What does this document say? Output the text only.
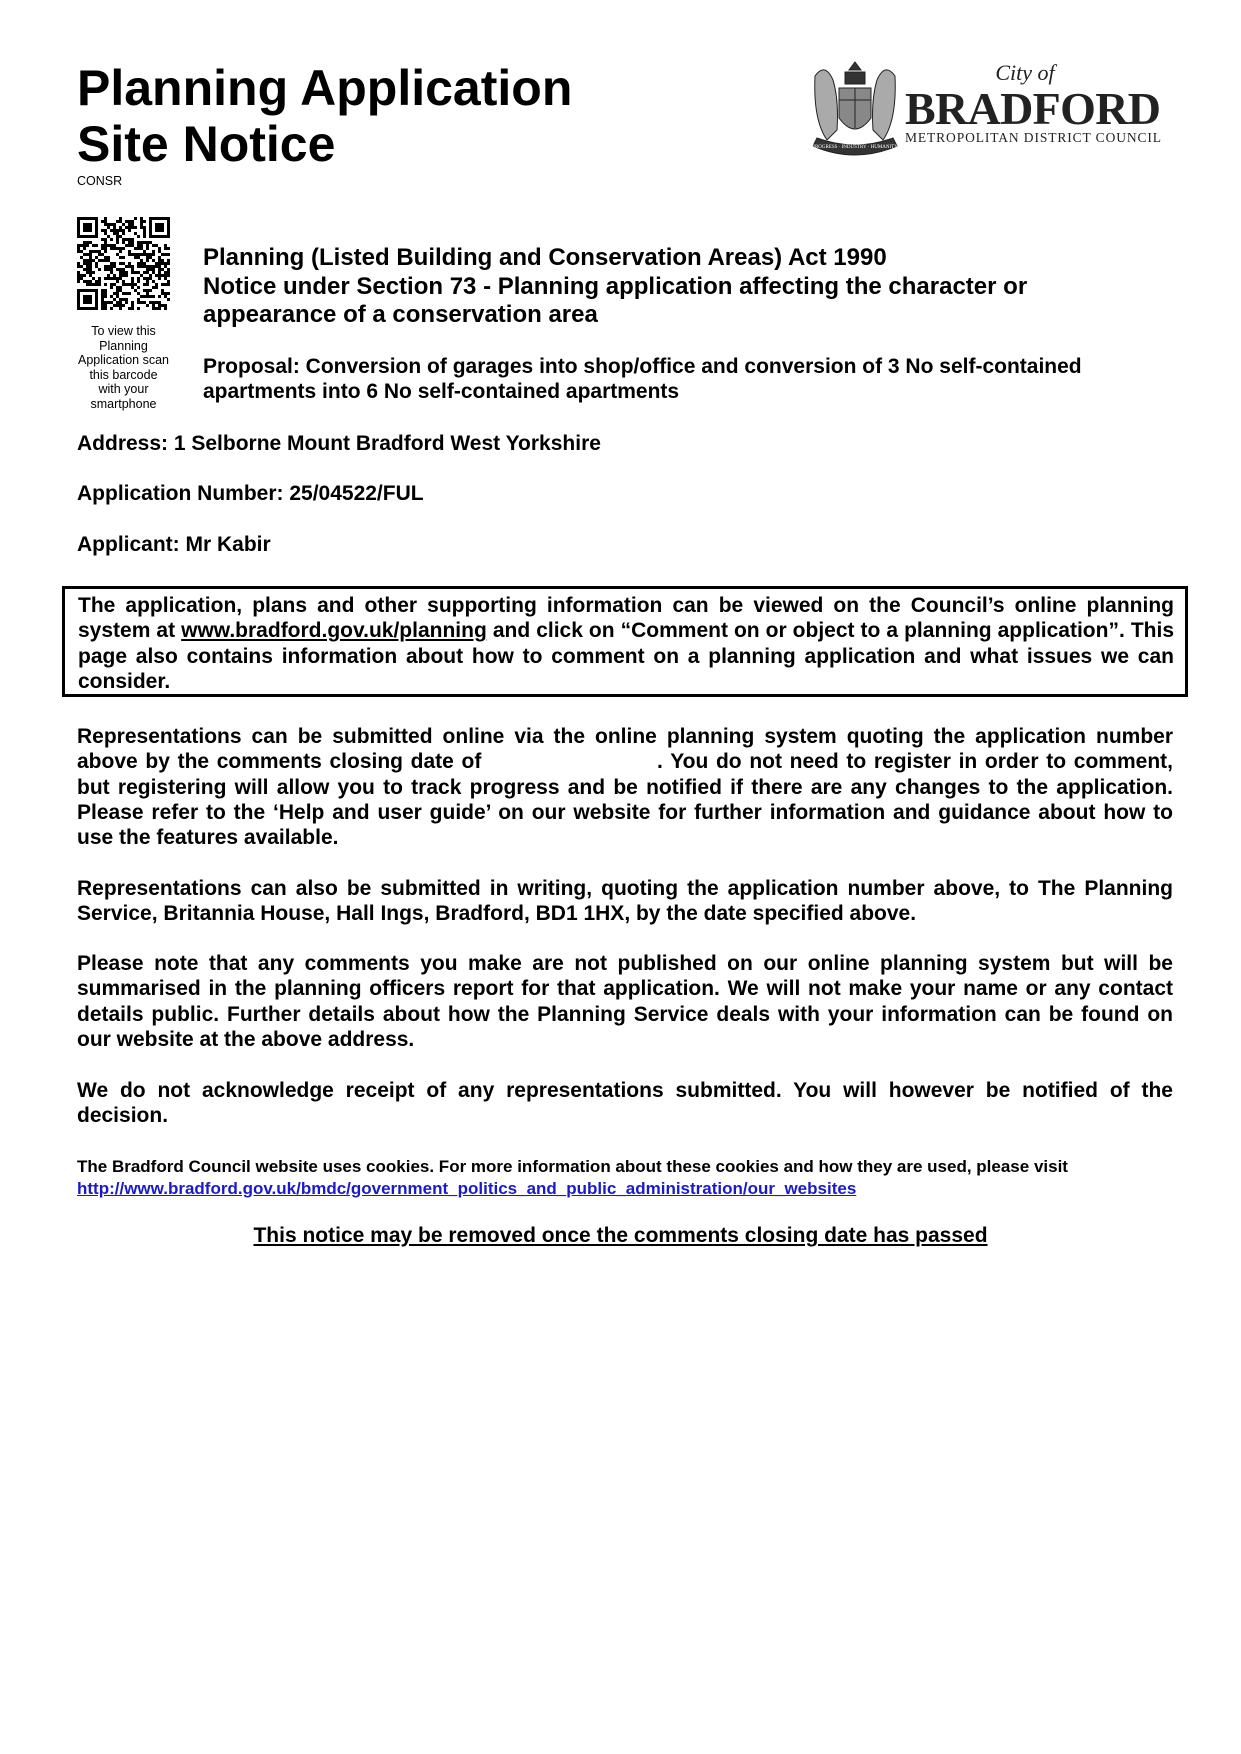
Planning Application
Site Notice
CONSR
PROGRESS · INDUSTRY · HUMANITY
City of
BRADFORD
METROPOLITAN DISTRICT COUNCIL
To view this
Planning
Application scan
this barcode
with your
smartphone
Planning (Listed Building and Conservation Areas) Act 1990
Notice under Section 73 - Planning application affecting the character or appearance of a conservation area
Proposal: Conversion of garages into shop/office and conversion of 3 No self-contained apartments into 6 No self-contained apartments
Address: 1 Selborne Mount Bradford West Yorkshire
Application Number: 25/04522/FUL
Applicant: Mr Kabir

The application, plans and other supporting information can be viewed on the Council’s online planning system at www.bradford.gov.uk/planning and click on “Comment on or object to a planning application”. This page also contains information about how to comment on a planning application and what issues we can consider.

Representations can be submitted online via the online planning system quoting the application number above by the comments closing date of	. You do not need to register in order to comment, but registering will allow you to track progress and be notified if there are any changes to the application. Please refer to the ‘Help and user guide’ on our website for further information and guidance about how to use the features available.

Representations can also be submitted in writing, quoting the application number above, to The Planning Service, Britannia House, Hall Ings, Bradford, BD1 1HX, by the date specified above.

Please note that any comments you make are not published on our online planning system but will be summarised in the planning officers report for that application. We will not make your name or any contact details public. Further details about how the Planning Service deals with your information can be found on our website at the above address.

We do not acknowledge receipt of any representations submitted. You will however be notified of the decision.

The Bradford Council website uses cookies. For more information about these cookies and how they are used, please visit http://www.bradford.gov.uk/bmdc/government_politics_and_public_administration/our_websites
This notice may be removed once the comments closing date has passed
